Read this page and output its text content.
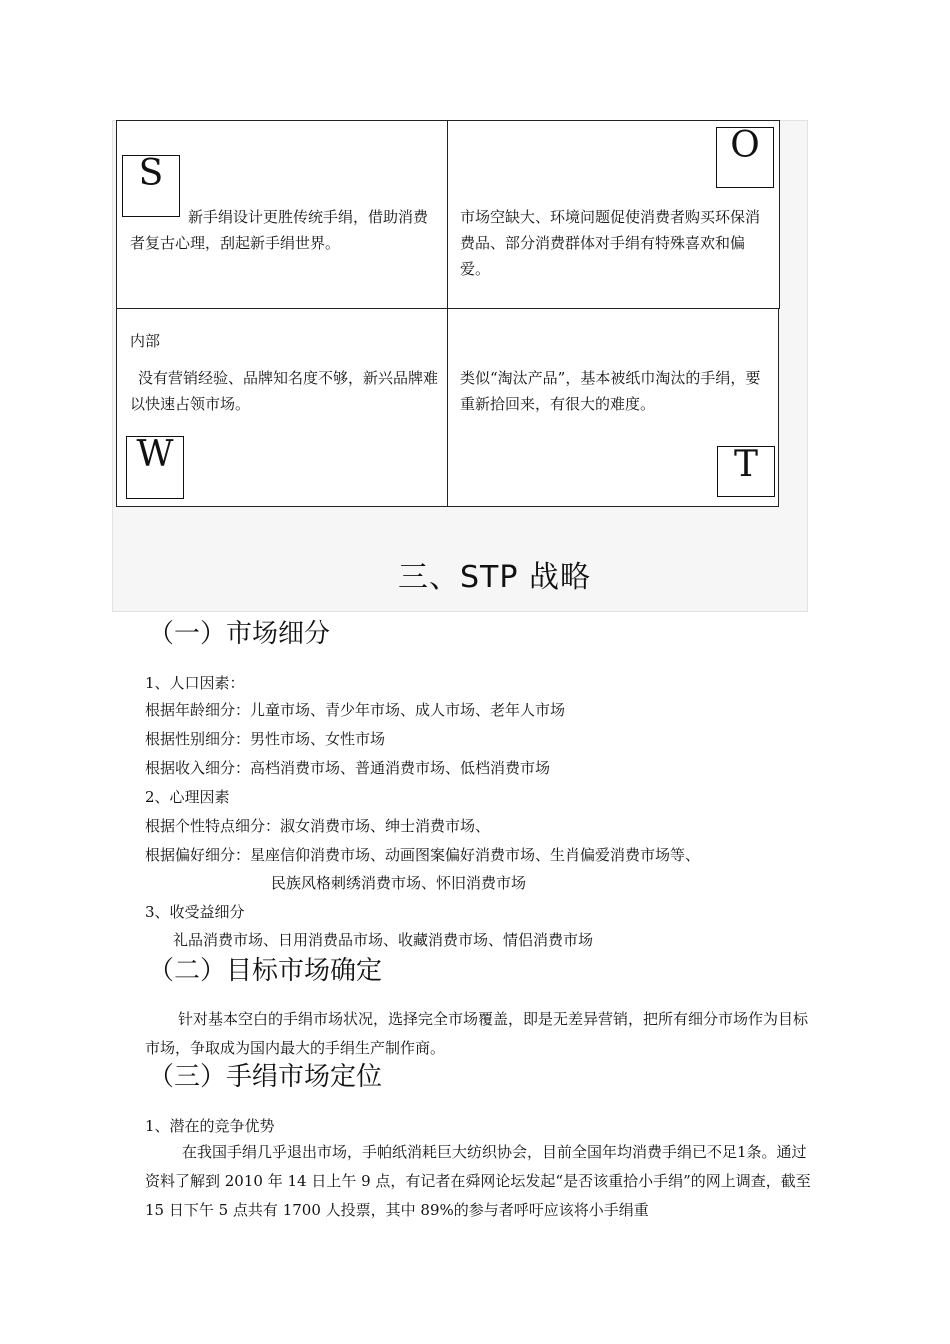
S
O
W	T
新手绢设计更胜传统手绢，借助消费者复古心理，刮起新手绢世界。
市场空缺大、环境问题促使消费者购买环保消费品、部分消费群体对手绢有特殊喜欢和偏爱。
内部
没有营销经验、品牌知名度不够，新兴品牌难以快速占领市场。
类似“淘汰产品”，基本被纸巾淘汰的手绢，要重新拾回来，有很大的难度。
三、STP 战略
（一）市场细分
1、人口因素：
根据年龄细分：儿童市场、青少年市场、成人市场、老年人市场
根据性别细分：男性市场、女性市场
根据收入细分：高档消费市场、普通消费市场、低档消费市场
2、心理因素
根据个性特点细分：淑女消费市场、绅士消费市场、
根据偏好细分：星座信仰消费市场、动画图案偏好消费市场、生肖偏爱消费市场等、
民族风格刺绣消费市场、怀旧消费市场
3、收受益细分
礼品消费市场、日用消费品市场、收藏消费市场、情侣消费市场
（二）目标市场确定
针对基本空白的手绢市场状况，选择完全市场覆盖，即是无差异营销，把所有细分市场作为目标市场，争取成为国内最大的手绢生产制作商。
（三）手绢市场定位
1、潜在的竞争优势
在我国手绢几乎退出市场，手帕纸消耗巨大纺织协会，目前全国年均消费手绢已不足1条。通过资料了解到 2010 年 14 日上午 9 点，有记者在舜网论坛发起“是否该重拾小手绢”的网上调查，截至 15 日下午 5 点共有 1700 人投票，其中 89%的参与者呼吁应该将小手绢重
